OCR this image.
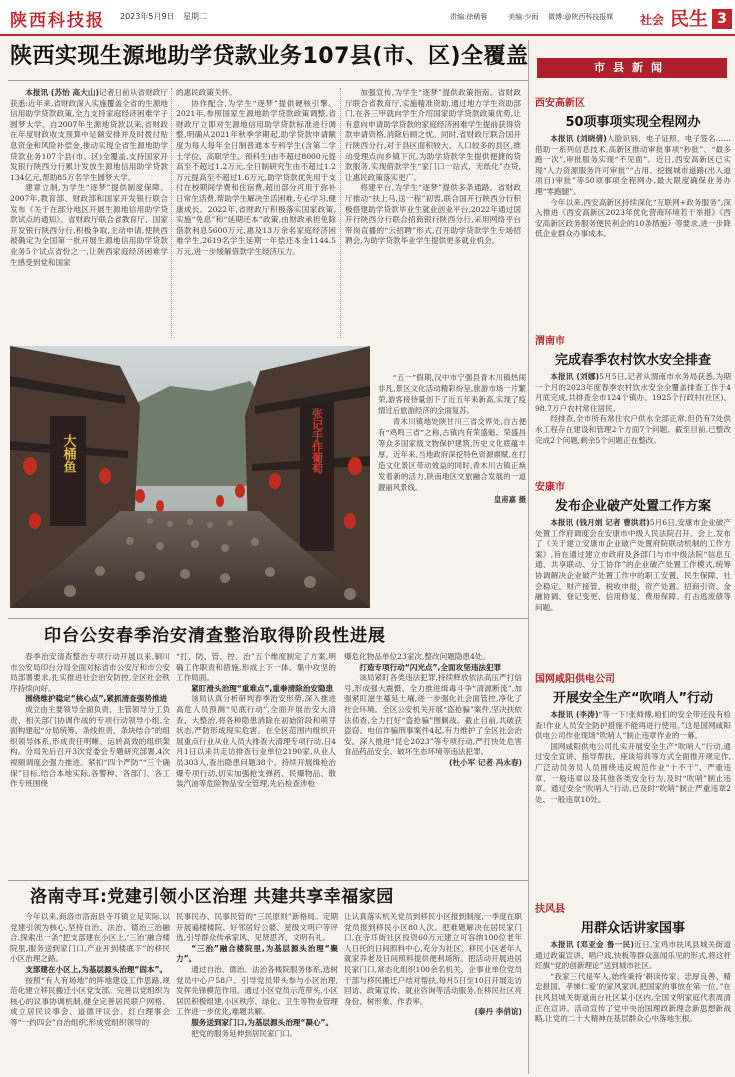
陕西科技报 2023年5月9日 星期二	责编:徐稀蓉	美编:少雨 微博:@陕西科技报媒 社会 民生 3
陕西实现生源地助学贷款业务107县(市、区)全覆盖

本报讯 (苏怡 高大山)记者日前从省财政厅获悉:近年来,省财政深入实施覆盖全省的生源地信用助学贷款政策,全力支持家庭经济困难学子圆梦大学。自2007年生源地贷款以来,省财政在年度财政收支预算中足额安排并及时拨付贴息资金和风险补偿金,推动实现全省生源地助学贷款业务107个县(市、区)全覆盖,支持国家开发银行陕西分行累计发放生源地信用助学贷款134亿元,帮助85万名学生圆梦大学。

建章立制,为学生“逐梦”提供制度保障。2007年,教育部、财政部和国家开发银行联合发布《关于在部分地区开展生源地信用助学贷款试点的通知》。省财政厅联合省教育厅、国家开发银行陕西分行,积极争取,主动申请,使陕西被确定为全国第一批开展生源地信用助学贷款业务5个试点省份之一,让陕西家庭经济困难学生感受到党和国家

的惠民政策关怀。

协作配合,为学生“逐梦”提供硬核引擎。2021年,参照国家生源地助学贷款政策调整,省财政厅立即对生源地信用助学贷款标准进行调整,明确从2021年秋季学期起,助学贷款申请额度为每人每年全日制普通本专科学生(含第二学士学位、高职学生、预科生)由不超过8000元提高至不超过1.2万元,全日制研究生由不超过1.2万元提高至不超过1.6万元,助学贷款优先用于支付在校期间学费和住宿费,超出部分可用于弥补日常生活费,帮助学生解决生活困难,专心学习,健康成长。2022年,省财政厅积极落实国家政策,实施“免息”和“延期还本”政策,由财政承担免除借款利息5600万元,惠及13万余名家庭经济困难学生,2619名学生延期一年偿还本金1144.5万元,进一步缓解借款学生经济压力。

加强宣传,为学生“逐梦”提供政策指南。省财政厅联合省教育厅,实施精准资助,通过地方学生资助部门,在各三甲就向学生介绍国家助学贷款政策优势,让有意向申请助学贷款的家庭经济困难学生提前获得贷款申请资格,消除后顾之忧。同时,省财政厅联合国开行陕西分行,对于县区面积较大、人口较多的县区,推动受理点向乡镇下沉,为助学贷款学生提供便捷的贷款服务,实现借款学生“家门口一站式、无纸化”办贷,让惠民政策落实更广。

将建平台,为学生“逐梦”提供多条通路。省财政厅推动“扶上马,送一程”初衷,联合国开行陕西分行积极搭建助学贷款毕业生就业创业平台,2022年通过国开行陕西分行联合招商银行陕西分行,采用网络平台带岗直播的“云招聘”形式,召开助学贷款学生专场招聘会,为助学贷款毕业学生提供更多就业机会。

大桶鱼	张记手作葡萄

“五一”假期,汉中市宁强县青木川镇热闹非凡,景区文化活动精彩纷呈,旅游市场一片繁荣,游客接待量创下了近五年来新高,实现了疫情过后旅游经济的全面复苏。

青木川镇地处陕甘川三省交界处,自古便有“鸡鸣三省”之称,古镇内有荣盛魁、荣盛昌等众多国家级文物保护建筑,历史文化底蕴丰厚。近年来,当地政府深挖特色资源禀赋,在打造文化景区带动效益的同时,青木川古镇正焕发着新的活力,陕南地区文旅融合发展的一道靓丽风景线。

皇甫嘉 摄
印台公安春季治安清查整治取得阶段性进展

春季治安清查整治专项行动开展以来,铜川市公安局印台分局全面对标省市公安厅和市公安局部署要求,扎实推进社会治安防控,全区社会秩序持续向好。

围绕维护稳定“核心点”,紧抓清查强势推进

成立由主要领导全面负责、主管领导分工负责、相关部门协调作战的专项行动领导小组,全面构建起“分局统筹、条线担责、条块结合”的组织领导体系,形成责任明晰、运转高效的组织架构。分局先后召开3次党委会专题研究部署,4次视频调度会强力推进。紧扣“四个严防”“三个确保”目标,结合本地实际,各警种、各部门、各工作专班围绕

“打、防、管、控、治”五个维度制定了方案,明确工作职责和措施,形成上下一体、集中攻坚的工作局面。

紧盯滑头治理“重难点”,重拳清除治安隐患

该局认真分析研判春季治安形势,深入推进高危人员预测“见底行动”,全面开展治安大清查、大整治,将各种隐患消除在初始阶段和萌芽状态,严防形成现实危害。在全区范围内组织开展重点行业从业人员大排查大清理专项行动,日4月1日以来共走访排查行业单位2190家,从业人员303人,查出隐患问题38个。持续开展缉枪治爆专项行动,切实加强枪支弹药、民爆物品、散装汽油等危险物品安全管理,先后检查涉枪

爆危化物品单位23家次,整改问题隐患4处。

打造专项行动“闪光点”,全面攻坚违法犯罪

该局紧盯各类违法犯罪,持续释放依法高压严打信号,形成强大震慑。全力推进缉毒斗争“清源断流”,加强紧盯滋生蔓延土壤,进一步强化社会面管控,净化了社会环境。全区公安机关开展“盗抢骗”案件,坚决扶依法侦查,全力打好“盗抢骗”围剿战。截止目前,共破获盗窃、电信诈骗刑事案件4起,有力维护了全区社会治安。深入推进“昆仑2023”等专项行动,严打快处危害食品药品安全、破坏生态环境等违法犯罪。

(杜小军 记者 冯永春)
洛南寺耳:党建引领小区治理 共建共享幸福家园

今年以来,商洛市洛南县寺耳镇立足实际,以党建引领为核心,坚持自治、法治、德治三治融合,探索出一条“把支部建在小区上,‘三治’融合楼院里,服务送到家门口,产业开到楼底下”的移民小区治理之路。

支部建在小区上,为基层源头治理“固本”。

按照“有人有场地”的阵地建设工作思路,规范化建立移民搬迁小区党支部。完善以党组织为核心的议事协调机制,健全完善居民联户网格、成立居民议事会、道德评议会、红白理事会等“一约四会”自治组织,形成党组织领导的

民事民办、民事民管的“三民原则”新格局。定期开展遍楼楼院、好邻居好公婆、星级文明户等评选,引导群众传承家风、见贤思齐、文明有礼。

“三治”融合楼院里,为基层源头治理“聚力”。

通过自治、德治、法治各楼院服务体系,选树党员中心户58户、引导党员带头参与小区治理,发挥先锋模范作用。通过小区党员示范带头,小区居民积极组建,小区秩序、绿化、卫生等物业管理工作进一步优化,难题共解。

服务送到家门口,为基层源头治理“凝心”。

把党的服务延伸到居民家门口,

让认真落实机关党员到移民小区报到制度,一季度在职党员报到移民小区80人次。把难题解决在居民家门口,在寺耳街社区投资60万元建立可容纳100位老年人日托的日间照料中心,充分为社区、移民小区老年人就家养老及日间照料提供便利场所。把活动开展进居民家门口,常态化组织100余名机关、企事业单位党员干部与移民搬迁户结对帮扶,每月5日至10日开展走访回访、政策宣传、就业咨询等活动服务,在移民社区亮身份、树形象、作表率。

(秦丹 李俏谊)
市县新闻
西安高新区
50项事项实现全程网办

本报讯 (刘晓倩)人脸识别、电子证照、电子签名……借助一系列信息技术,高新区推动审批事项“秒批”、“最多跑一次”,审批服务实现“不见面”。近日,西安高新区已实现“人力资源服务许可审批”“占用、挖掘城市道路(出入道项目)审批”等50项事项全程网办,最大限度确保业务办理“零跑腿”。

今年以来,西安高新区持续深化“互联网+政务服务”,深入推进《西安高新区2023年优化营商环境若干举措》《西安高新区政务服务便民利企的10条措施》等要求,进一步降低企业群众办事成本。

渭南市
完成春季农村饮水安全排查

本报讯 (刘娜)5月5日,记者从渭南市水务局获悉,为期一个月的2023年度春季农村饮水安全全覆盖排查工作于4月底完成,共排查全市124个镇办、1925个行政村(社区)、98.7万户农村常住居民。

经排查,全市所有常住农户供水全部正常,但仍有7处供水工程存在建设和管理2个方面7个问题。截至目前,已整改完成2个问题,剩余5个问题正在整改。

安康市
发布企业破产处置工作方案

本报讯 (钱月娟 记者 曹洪君)5月6日,安康市企业破产处置工作府调度会在安康市中级人民法院召开。会上,发布了《关于建立安康市企业破产处置府院联动机制的工作方案》,旨在通过建立市政府及各部门与市中级法院“信息互通、共享联动、分工协作”的企业破产处置工作模式,统筹协调解决企业破产处置工作中的职工安置、民生保障、社会稳定、财产接管、税收申报、资产处置、招商引资、金融协调、登记变更、信用修复、费用保障、打击逃废债等问题。

国网咸阳供电公司
开展安全生产“吹哨人”行动

本报讯 (李涛)“等一下!张师傅,咱们的安全带还没有检查!作业人员安全防护措施不能再进行使用。”这是国网咸阳供电公司作业现场“吹哨人”制止违章作业的一幕。

国网咸阳供电公司扎实开展安全生产“吹哨人”行动,通过安全宣讲、指导帮扶、座谈培训等方式全面推开规定作,广泛动员务员人员围绕违反规范作业“十不干”、严重违章、一般违章以及其他各类安全行为,及时“吹哨”制止违章。通过安全“吹哨人”行动,已及时“吹哨”制止严重违章2处、一般违章10处。

扶风县
用群众话讲家国事

本报讯 (邓亚金 鲁一民)近日,宝鸡市扶风县城关街道通过政策宣讲、唱户戏,快板等群众喜闻乐见的形式,将这杆红旗“党的创新理论”送到城市社区。

“我家三代是军人,始终秉持‘耕读传家、忠厚良善、精忠报国、孝悌仁爱’的家风家训,把国家的事放在第一位。”在扶风县城关街道南台社区某小区内,全国文明家庭代表周清正在宣讲。活动宣传了党中央治国理政新理念新思想新战略,让党的二十大精神在基层群众心中落地生根。
